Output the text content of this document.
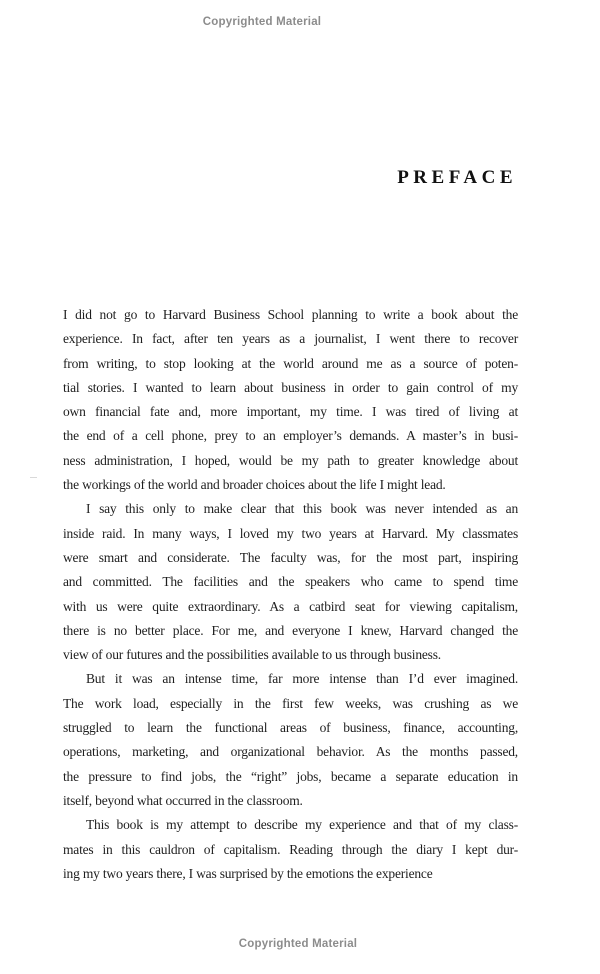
Copyrighted Material
PREFACE
I did not go to Harvard Business School planning to write a book about the
experience. In fact, after ten years as a journalist, I went there to recover
from writing, to stop looking at the world around me as a source of poten-
tial stories. I wanted to learn about business in order to gain control of my
own financial fate and, more important, my time. I was tired of living at
the end of a cell phone, prey to an employer’s demands. A master’s in busi-
ness administration, I hoped, would be my path to greater knowledge about
the workings of the world and broader choices about the life I might lead.
I say this only to make clear that this book was never intended as an
inside raid. In many ways, I loved my two years at Harvard. My classmates
were smart and considerate. The faculty was, for the most part, inspiring
and committed. The facilities and the speakers who came to spend time
with us were quite extraordinary. As a catbird seat for viewing capitalism,
there is no better place. For me, and everyone I knew, Harvard changed the
view of our futures and the possibilities available to us through business.
But it was an intense time, far more intense than I’d ever imagined.
The work load, especially in the first few weeks, was crushing as we
struggled to learn the functional areas of business, finance, accounting,
operations, marketing, and organizational behavior. As the months passed,
the pressure to find jobs, the “right” jobs, became a separate education in
itself, beyond what occurred in the classroom.
This book is my attempt to describe my experience and that of my class-
mates in this cauldron of capitalism. Reading through the diary I kept dur-
ing my two years there, I was surprised by the emotions the experience
Copyrighted Material
